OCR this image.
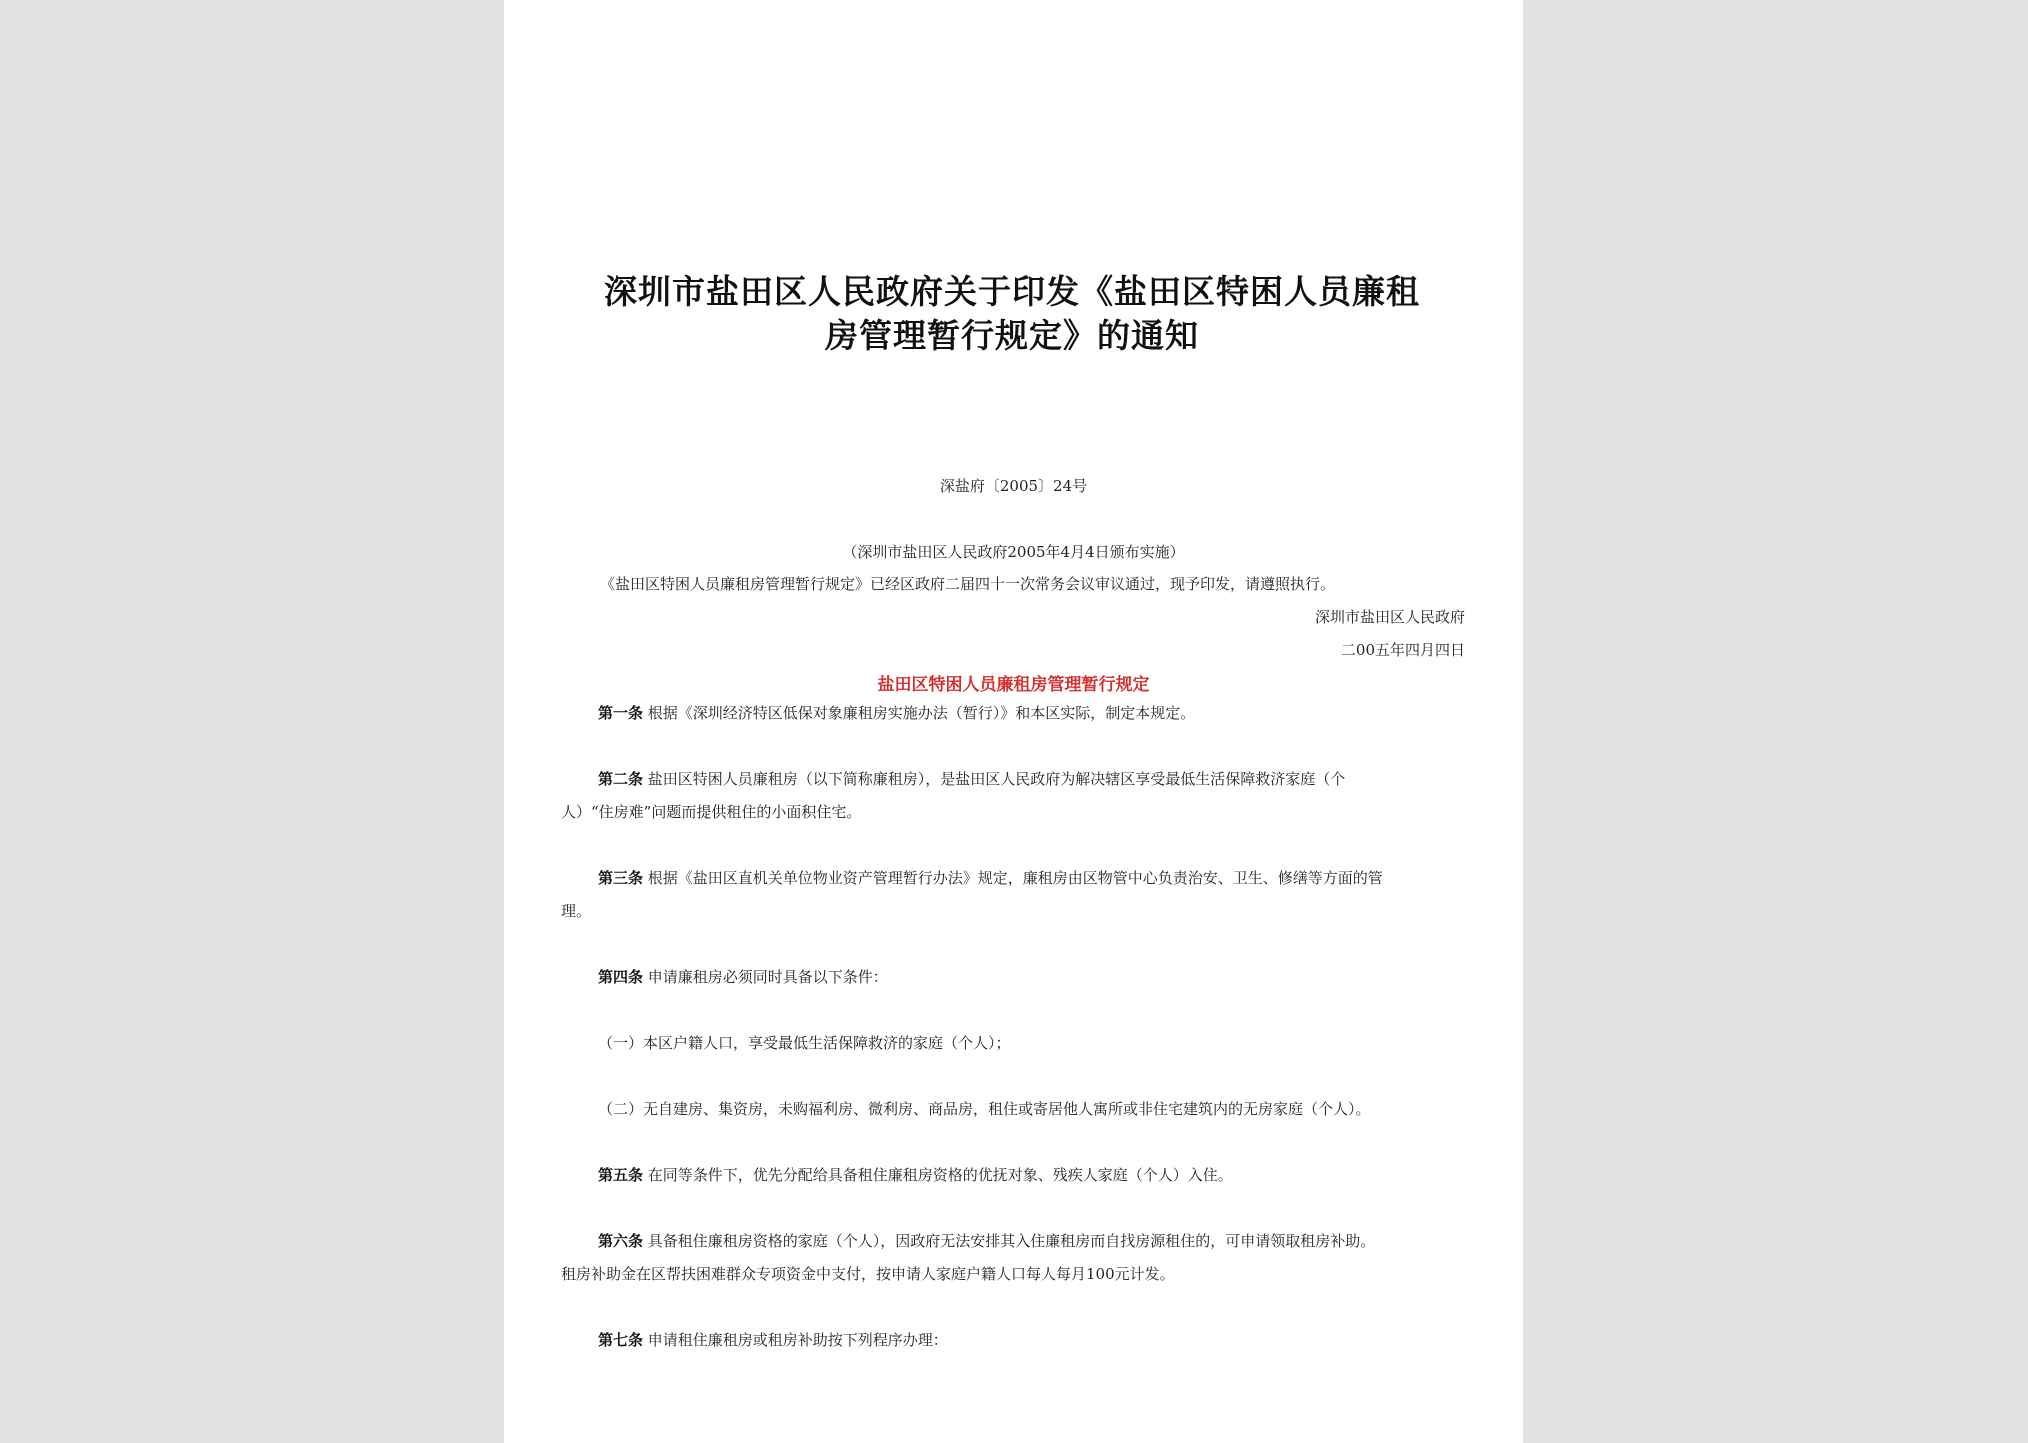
深圳市盐田区人民政府关于印发《盐田区特困人员廉租
房管理暂行规定》的通知
深盐府〔2005〕24号
（深圳市盐田区人民政府2005年4月4日颁布实施）
《盐田区特困人员廉租房管理暂行规定》已经区政府二届四十一次常务会议审议通过，现予印发，请遵照执行。
深圳市盐田区人民政府
二00五年四月四日
盐田区特困人员廉租房管理暂行规定
第一条 根据《深圳经济特区低保对象廉租房实施办法（暂行）》和本区实际，制定本规定。
第二条 盐田区特困人员廉租房（以下简称廉租房），是盐田区人民政府为解决辖区享受最低生活保障救济家庭（个
人）“住房难”问题而提供租住的小面积住宅。
第三条 根据《盐田区直机关单位物业资产管理暂行办法》规定，廉租房由区物管中心负责治安、卫生、修缮等方面的管
理。
第四条 申请廉租房必须同时具备以下条件：
（一）本区户籍人口，享受最低生活保障救济的家庭（个人）；
（二）无自建房、集资房，未购福利房、微利房、商品房，租住或寄居他人寓所或非住宅建筑内的无房家庭（个人）。
第五条 在同等条件下，优先分配给具备租住廉租房资格的优抚对象、残疾人家庭（个人）入住。
第六条 具备租住廉租房资格的家庭（个人），因政府无法安排其入住廉租房而自找房源租住的，可申请领取租房补助。
租房补助金在区帮扶困难群众专项资金中支付，按申请人家庭户籍人口每人每月100元计发。
第七条 申请租住廉租房或租房补助按下列程序办理：
